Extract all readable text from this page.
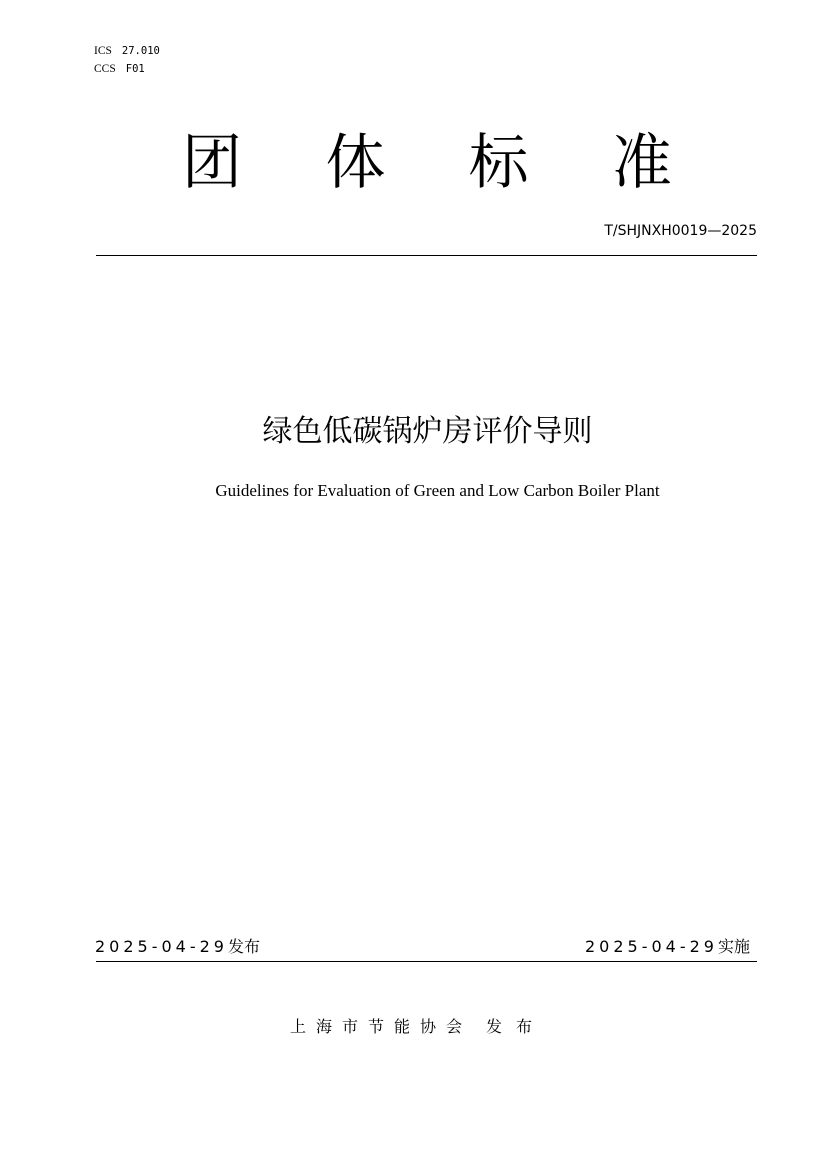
ICS 27.010
CCS F01
团 体 标 准
T/SHJNXH0019—2025
绿色低碳锅炉房评价导则
Guidelines for Evaluation of Green and Low Carbon Boiler Plant
2025-04-29发布	2025-04-29实施
上海市节能协会 发布
